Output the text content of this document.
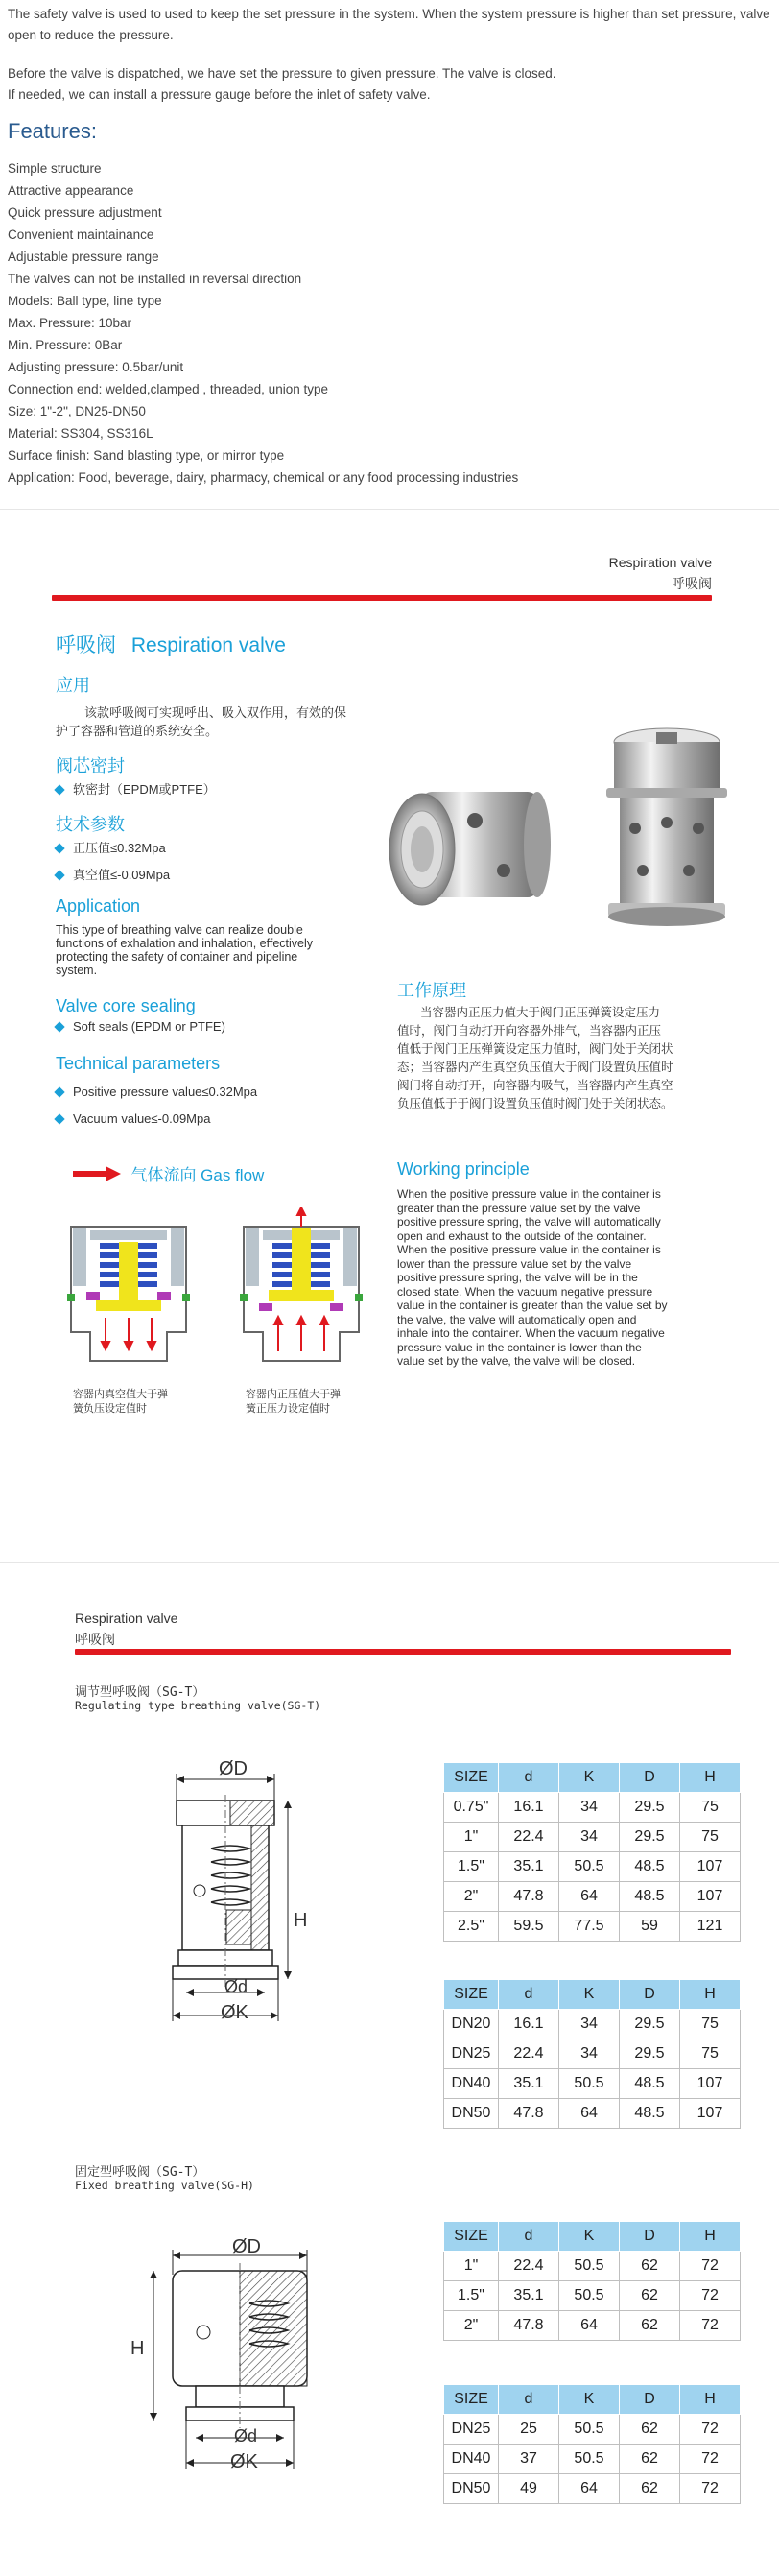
The safety valve is used to used to keep the set pressure in the system. When the system pressure is higher than set pressure, valve open to reduce the pressure.

Before the valve is dispatched, we have set the pressure to given pressure. The valve is closed.

If needed, we can install a pressure gauge before the inlet of safety valve.

Features:
Simple structure
Attractive appearance
Quick pressure adjustment
Convenient maintainance
Adjustable pressure range
The valves can not be installed in reversal direction
Models: Ball type, line type
Max. Pressure: 10bar
Min. Pressure: 0Bar
Adjusting pressure: 0.5bar/unit
Connection end: welded,clamped , threaded, union type
Size: 1"-2", DN25-DN50
Material: SS304, SS316L
Surface finish: Sand blasting type, or mirror type
Application: Food, beverage, dairy, pharmacy, chemical or any food processing industries
Respiration valve
呼吸阀
呼吸阀 Respiration valve
应用
该款呼吸阀可实现呼出、吸入双作用，有效的保
护了容器和管道的系统安全。
阀芯密封
软密封（EPDM或PTFE）
技术参数
正压值≤0.32Mpa
真空值≤-0.09Mpa
Application
This type of breathing valve can realize double
functions of exhalation and inhalation, effectively
protecting the safety of container and pipeline
system.
Valve core sealing
Soft seals (EPDM or PTFE)
Technical parameters
Positive pressure value≤0.32Mpa
Vacuum value≤-0.09Mpa
工作原理
当容器内正压力值大于阀门正压弹簧设定压力
值时，阀门自动打开向容器外排气，当容器内正压
值低于阀门正压弹簧设定压力值时，阀门处于关闭状
态；当容器内产生真空负压值大于阀门设置负压值时
阀门将自动打开，向容器内吸气，当容器内产生真空
负压值低于于阀门设置负压值时阀门处于关闭状态。
Working principle
When the positive pressure value in the container is
greater than the pressure value set by the valve
positive pressure spring, the valve will automatically
open and exhaust to the outside of the container.
When the positive pressure value in the container is
lower than the pressure value set by the valve
positive pressure spring, the valve will be in the
closed state. When the vacuum negative pressure
value in the container is greater than the value set by
the valve, the valve will automatically open and
inhale into the container. When the vacuum negative
pressure value in the container is lower than the
value set by the valve, the valve will be closed.
气体流向 Gas flow
容器内真空值大于弹
簧负压设定值时
容器内正压值大于弹
簧正压力设定值时
Respiration valve
呼吸阀
调节型呼吸阀（SG-T）
Regulating type breathing valve(SG-T)
ØD
H
Ød
ØK
SIZE	d	K	D	H
0.75"	16.1	34	29.5	75
1"	22.4	34	29.5	75
1.5"	35.1	50.5	48.5	107
2"	47.8	64	48.5	107
2.5"	59.5	77.5	59	121
SIZE	d	K	D	H
DN20	16.1	34	29.5	75
DN25	22.4	34	29.5	75
DN40	35.1	50.5	48.5	107
DN50	47.8	64	48.5	107
固定型呼吸阀（SG-T）
Fixed breathing valve(SG-H)
ØD
H
Ød
ØK
SIZE	d	K	D	H
1"	22.4	50.5	62	72
1.5"	35.1	50.5	62	72
2"	47.8	64	62	72
SIZE	d	K	D	H
DN25	25	50.5	62	72
DN40	37	50.5	62	72
DN50	49	64	62	72
